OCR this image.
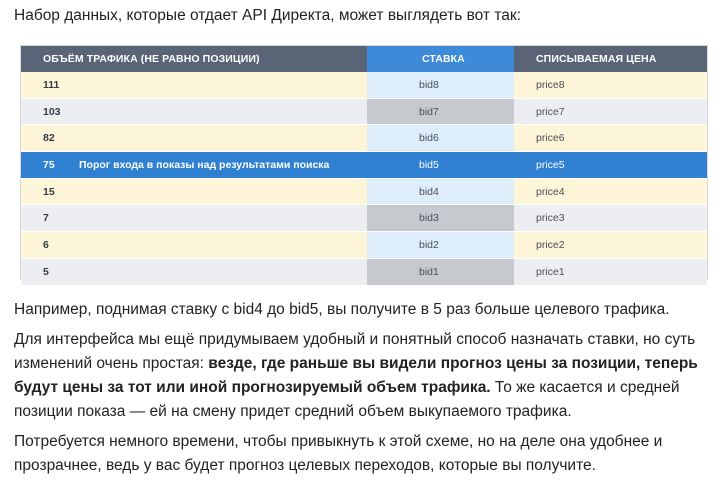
Набор данных, которые отдает API Директа, может выглядеть вот так:

ОБЪЁМ ТРАФИКА (НЕ РАВНО ПОЗИЦИИ)	СТАВКА	СПИСЫВАЕМАЯ ЦЕНА
111	bid8	price8
103	bid7	price7
82	bid6	price6
75 Порог входа в показы над результатами поиска	bid5	price5
15	bid4	price4
7	bid3	price3
6	bid2	price2
5	bid1	price1

Например, поднимая ставку с bid4 до bid5, вы получите в 5 раз больше целевого трафика.

Для интерфейса мы ещё придумываем удобный и понятный способ назначать ставки, но суть изменений очень простая: везде, где раньше вы видели прогноз цены за позиции, теперь будут цены за тот или иной прогнозируемый объем трафика. То же касается и средней позиции показа — ей на смену придет средний объем выкупаемого трафика.

Потребуется немного времени, чтобы привыкнуть к этой схеме, но на деле она удобнее и прозрачнее, ведь у вас будет прогноз целевых переходов, которые вы получите.
